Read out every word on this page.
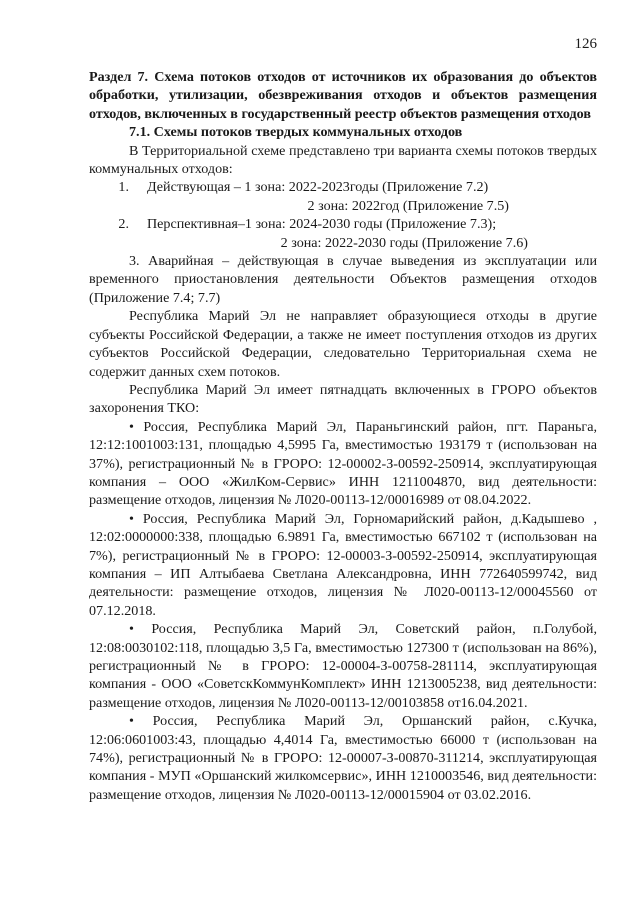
126

Раздел 7. Схема потоков отходов от источников их образования до объектов обработки, утилизации, обезвреживания отходов и объектов размещения отходов, включенных в государственный реестр объектов размещения отходов

7.1. Схемы потоков твердых коммунальных отходов

В Территориальной схеме представлено три варианта схемы потоков твердых коммунальных отходов:

1. Действующая – 1 зона: 2022-2023годы (Приложение 7.2)
2 зона: 2022год (Приложение 7.5)
2. Перспективная–1 зона: 2024-2030 годы (Приложение 7.3);
2 зона: 2022-2030 годы (Приложение 7.6)

3. Аварийная – действующая в случае выведения из эксплуатации или временного приостановления деятельности Объектов размещения отходов (Приложение 7.4; 7.7)

Республика Марий Эл не направляет образующиеся отходы в другие субъекты Российской Федерации, а также не имеет поступления отходов из других субъектов Российской Федерации, следовательно Территориальная схема не содержит данных схем потоков.

Республика Марий Эл имеет пятнадцать включенных в ГРОРО объектов захоронения ТКО:

• Россия, Республика Марий Эл, Параньгинский район, пгт. Параньга, 12:12:1001003:131, площадью 4,5995 Га, вместимостью 193179 т (использован на 37%), регистрационный № в ГРОРО: 12-00002-З-00592-250914, эксплуатирующая компания – ООО «ЖилКом-Сервис» ИНН 1211004870, вид деятельности: размещение отходов, лицензия № Л020-00113-12/00016989 от 08.04.2022.

• Россия, Республика Марий Эл, Горномарийский район, д.Кадышево , 12:02:0000000:338, площадью 6.9891 Га, вместимостью 667102 т (использован на 7%), регистрационный № в ГРОРО: 12-00003-З-00592-250914, эксплуатирующая компания – ИП Алтыбаева Светлана Александровна, ИНН 772640599742, вид деятельности: размещение отходов, лицензия № Л020-00113-12/00045560 от 07.12.2018.

• Россия, Республика Марий Эл, Советский район, п.Голубой, 12:08:0030102:118, площадью 3,5 Га, вместимостью 127300 т (использован на 86%), регистрационный № в ГРОРО: 12-00004-З-00758-281114, эксплуатирующая компания - ООО «СоветскКоммунКомплект» ИНН 1213005238, вид деятельности: размещение отходов, лицензия № Л020-00113-12/00103858 от16.04.2021.

• Россия, Республика Марий Эл, Оршанский район, с.Кучка, 12:06:0601003:43, площадью 4,4014 Га, вместимостью 66000 т (использован на 74%), регистрационный № в ГРОРО: 12-00007-З-00870-311214, эксплуатирующая компания - МУП «Оршанский жилкомсервис», ИНН 1210003546, вид деятельности: размещение отходов, лицензия № Л020-00113-12/00015904 от 03.02.2016.
